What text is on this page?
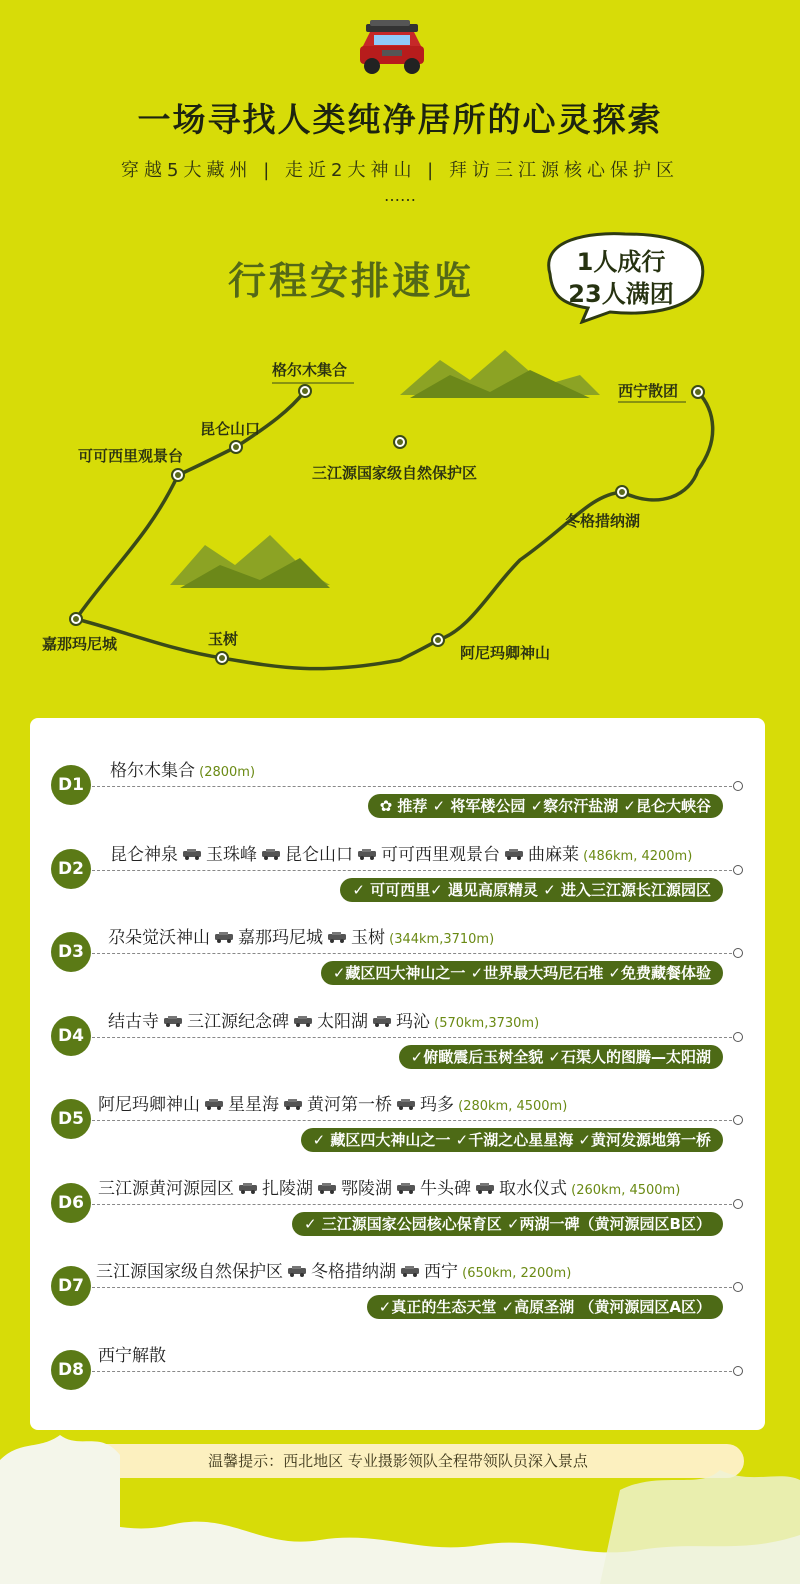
一场寻找人类纯净居所的心灵探索
穿越5大藏州 | 走近2大神山 | 拜访三江源核心保护区
……
行程安排速览	1人成行
23人满团
格尔木集合
昆仑山口
可可西里观景台
三江源国家级自然保护区
西宁散团
冬格措纳湖
嘉那玛尼城	玉树
阿尼玛卿神山
D1
格尔木集合 (2800m)
✿ 推荐 ✓ 将军楼公园 ✓察尔汗盐湖 ✓昆仑大峡谷
D2
昆仑神泉 玉珠峰 昆仑山口 可可西里观景台 曲麻莱 (486km, 4200m)
✓ 可可西里✓ 遇见高原精灵 ✓ 进入三江源长江源园区
D3
尕朵觉沃神山 嘉那玛尼城 玉树 (344km,3710m)
✓藏区四大神山之一 ✓世界最大玛尼石堆 ✓免费藏餐体验
D4
结古寺 三江源纪念碑 太阳湖 玛沁 (570km,3730m)
✓俯瞰震后玉树全貌 ✓石渠人的图腾—太阳湖
D5
阿尼玛卿神山 星星海 黄河第一桥 玛多 (280km, 4500m)
✓ 藏区四大神山之一 ✓千湖之心星星海 ✓黄河发源地第一桥
D6
三江源黄河源园区 扎陵湖 鄂陵湖 牛头碑 取水仪式 (260km, 4500m)
✓ 三江源国家公园核心保育区 ✓两湖一碑（黄河源园区B区）
D7
三江源国家级自然保护区 冬格措纳湖 西宁 (650km, 2200m)
✓真正的生态天堂 ✓高原圣湖 （黄河源园区A区）
D8
西宁解散
温馨提示：西北地区 专业摄影领队全程带领队员深入景点
